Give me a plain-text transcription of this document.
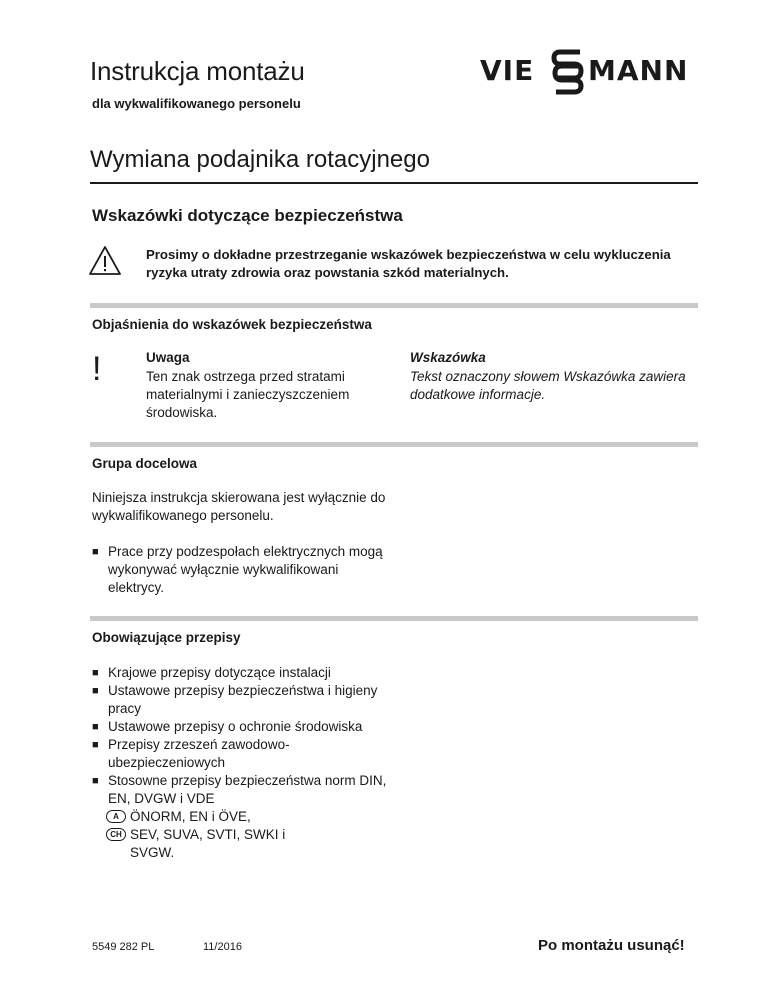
Instrukcja montażu
dla wykwalifikowanego personelu
VIE MANN
Wymiana podajnika rotacyjnego
Wskazówki dotyczące bezpieczeństwa
Prosimy o dokładne przestrzeganie wskazówek bezpieczeństwa w celu wykluczenia ryzyka utraty zdrowia oraz powstania szkód materialnych.
Objaśnienia do wskazówek bezpieczeństwa
!	Uwaga
Ten znak ostrzega przed stratami materialnymi i zanieczyszczeniem środowiska.
Wskazówka
Tekst oznaczony słowem Wskazówka zawiera dodatkowe informacje.
Grupa docelowa
Niniejsza instrukcja skierowana jest wyłącznie do wykwalifikowanego personelu.
■ Prace przy podzespołach elektrycznych mogą wykonywać wyłącznie wykwalifikowani elektrycy.
Obowiązujące przepisy
■ Krajowe przepisy dotyczące instalacji
■ Ustawowe przepisy bezpieczeństwa i higieny pracy
■ Ustawowe przepisy o ochronie środowiska
■ Przepisy zrzeszeń zawodowo-ubezpieczeniowych
■ Stosowne przepisy bezpieczeństwa norm DIN, EN, DVGW i VDE
A ÖNORM, EN i ÖVE,
CH SEV, SUVA, SVTI, SWKI i
SVGW.
5549 282 PL	11/2016	Po montażu usunąć!
